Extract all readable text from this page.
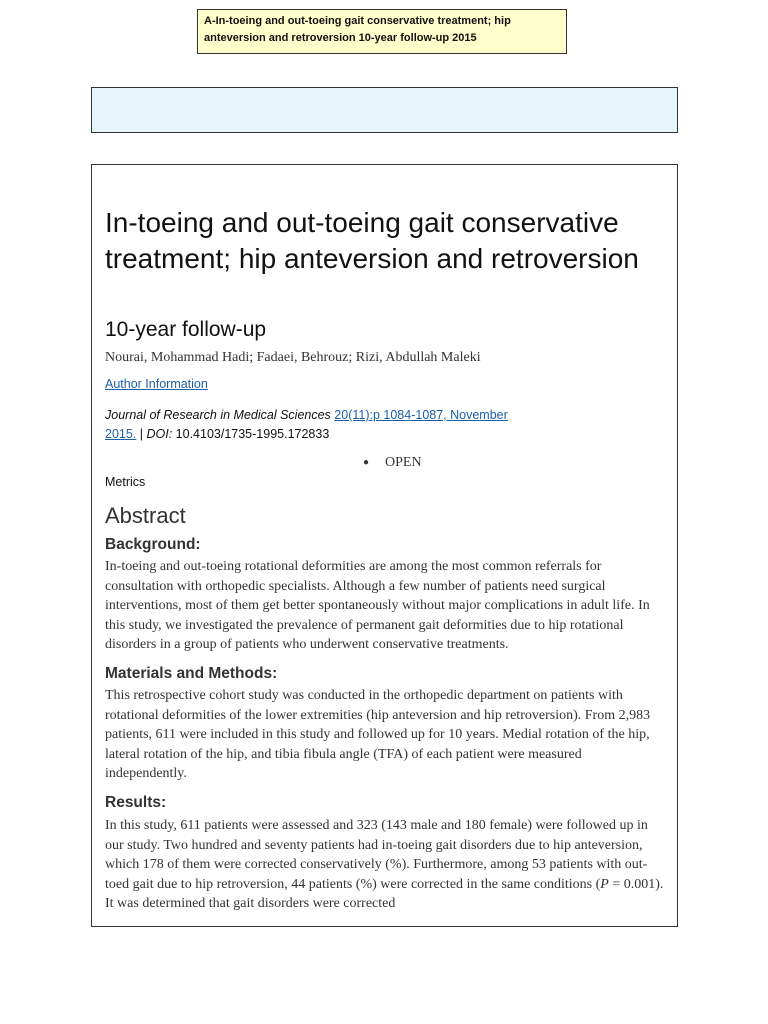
A-In-toeing and out-toeing gait conservative treatment; hip anteversion and retroversion 10-year follow-up 2015
In-toeing and out-toeing gait conservative treatment; hip anteversion and retroversion
10-year follow-up
Nourai, Mohammad Hadi; Fadaei, Behrouz; Rizi, Abdullah Maleki
Author Information
Journal of Research in Medical Sciences 20(11):p 1084-1087, November 2015. | DOI: 10.4103/1735-1995.172833
● OPEN
Metrics
Abstract
Background:

In-toeing and out-toeing rotational deformities are among the most common referrals for consultation with orthopedic specialists. Although a few number of patients need surgical interventions, most of them get better spontaneously without major complications in adult life. In this study, we investigated the prevalence of permanent gait deformities due to hip rotational disorders in a group of patients who underwent conservative treatments.

Materials and Methods:

This retrospective cohort study was conducted in the orthopedic department on patients with rotational deformities of the lower extremities (hip anteversion and hip retroversion). From 2,983 patients, 611 were included in this study and followed up for 10 years. Medial rotation of the hip, lateral rotation of the hip, and tibia fibula angle (TFA) of each patient were measured independently.

Results:

In this study, 611 patients were assessed and 323 (143 male and 180 female) were followed up in our study. Two hundred and seventy patients had in-toeing gait disorders due to hip anteversion, which 178 of them were corrected conservatively (%). Furthermore, among 53 patients with out-toed gait due to hip retroversion, 44 patients (%) were corrected in the same conditions (P = 0.001). It was determined that gait disorders were corrected
